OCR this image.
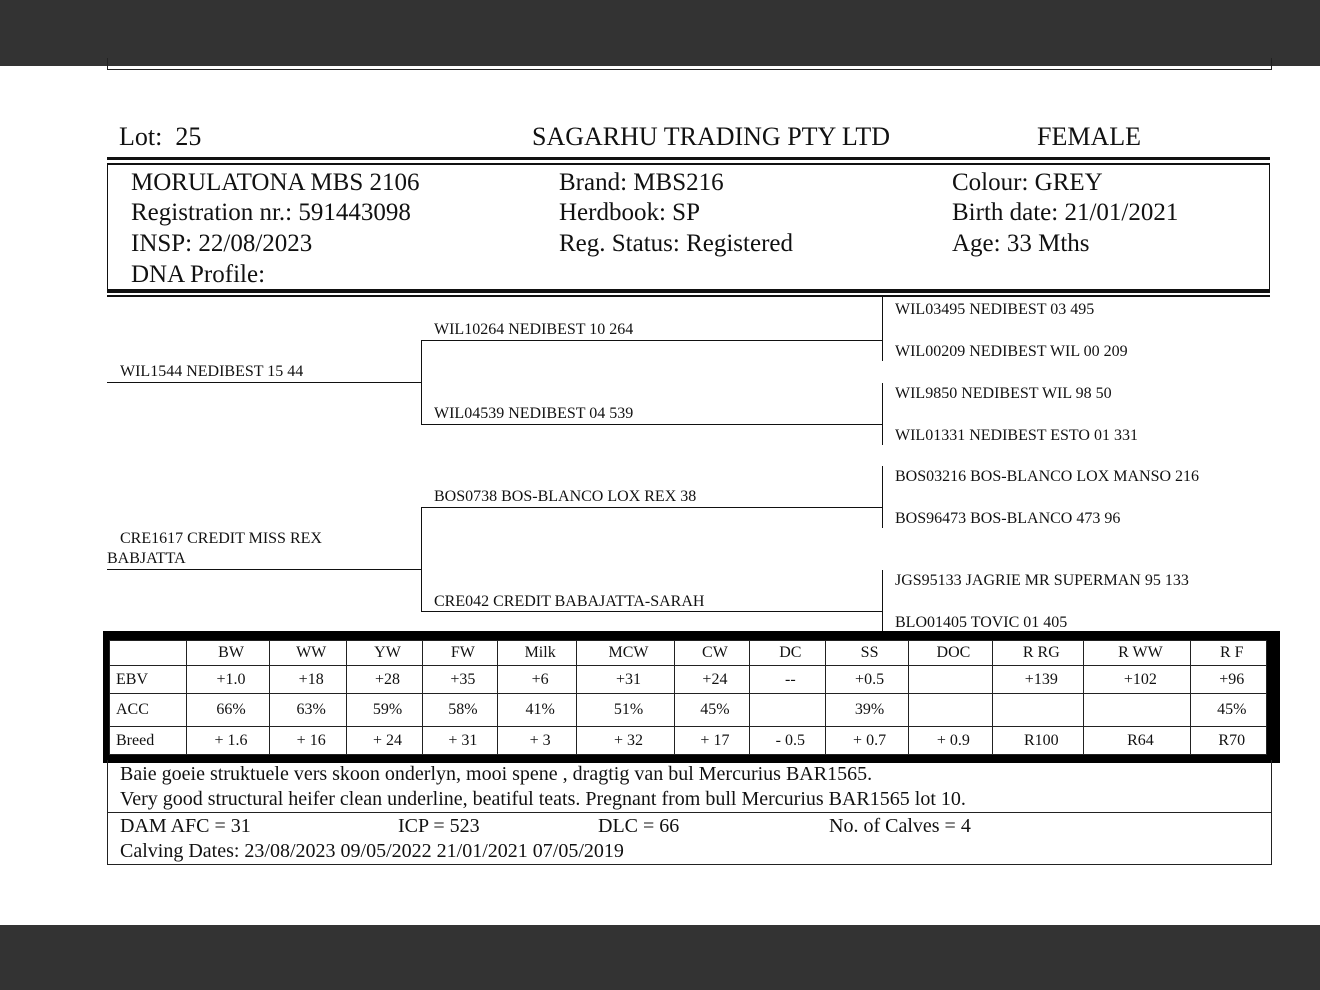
Lot: 25	SAGARHU TRADING PTY LTD	FEMALE
MORULATONA MBS 2106
Registration nr.: 591443098
INSP: 22/08/2023
DNA Profile:
Brand: MBS216
Herdbook: SP
Reg. Status: Registered
Colour: GREY
Birth date: 21/01/2021
Age: 33 Mths
WIL1544 NEDIBEST 15 44
CRE1617 CREDIT MISS REX
BABJATTA
WIL10264 NEDIBEST 10 264
WIL04539 NEDIBEST 04 539
BOS0738 BOS-BLANCO LOX REX 38
CRE042 CREDIT BABAJATTA-SARAH
WIL03495 NEDIBEST 03 495
WIL00209 NEDIBEST WIL 00 209
WIL9850 NEDIBEST WIL 98 50
WIL01331 NEDIBEST ESTO 01 331
BOS03216 BOS-BLANCO LOX MANSO 216
BOS96473 BOS-BLANCO 473 96
JGS95133 JAGRIE MR SUPERMAN 95 133
BLO01405 TOVIC 01 405
	BW	WW	YW	FW	Milk	MCW	CW	DC	SS	DOC	R RG	R WW	R F
EBV	+1.0	+18	+28	+35	+6	+31	+24	--	+0.5		+139	+102	+96
ACC	66%	63%	59%	58%	41%	51%	45%		39%				45%
Breed	+ 1.6	+ 16	+ 24	+ 31	+ 3	+ 32	+ 17	- 0.5	+ 0.7	+ 0.9	R100	R64	R70
Baie goeie struktuele vers skoon onderlyn, mooi spene , dragtig van bul Mercurius BAR1565.
Very good structural heifer clean underline, beatiful teats. Pregnant from bull Mercurius BAR1565 lot 10.
DAM AFC = 31	ICP = 523	DLC = 66	No. of Calves = 4
Calving Dates: 23/08/2023 09/05/2022 21/01/2021 07/05/2019
